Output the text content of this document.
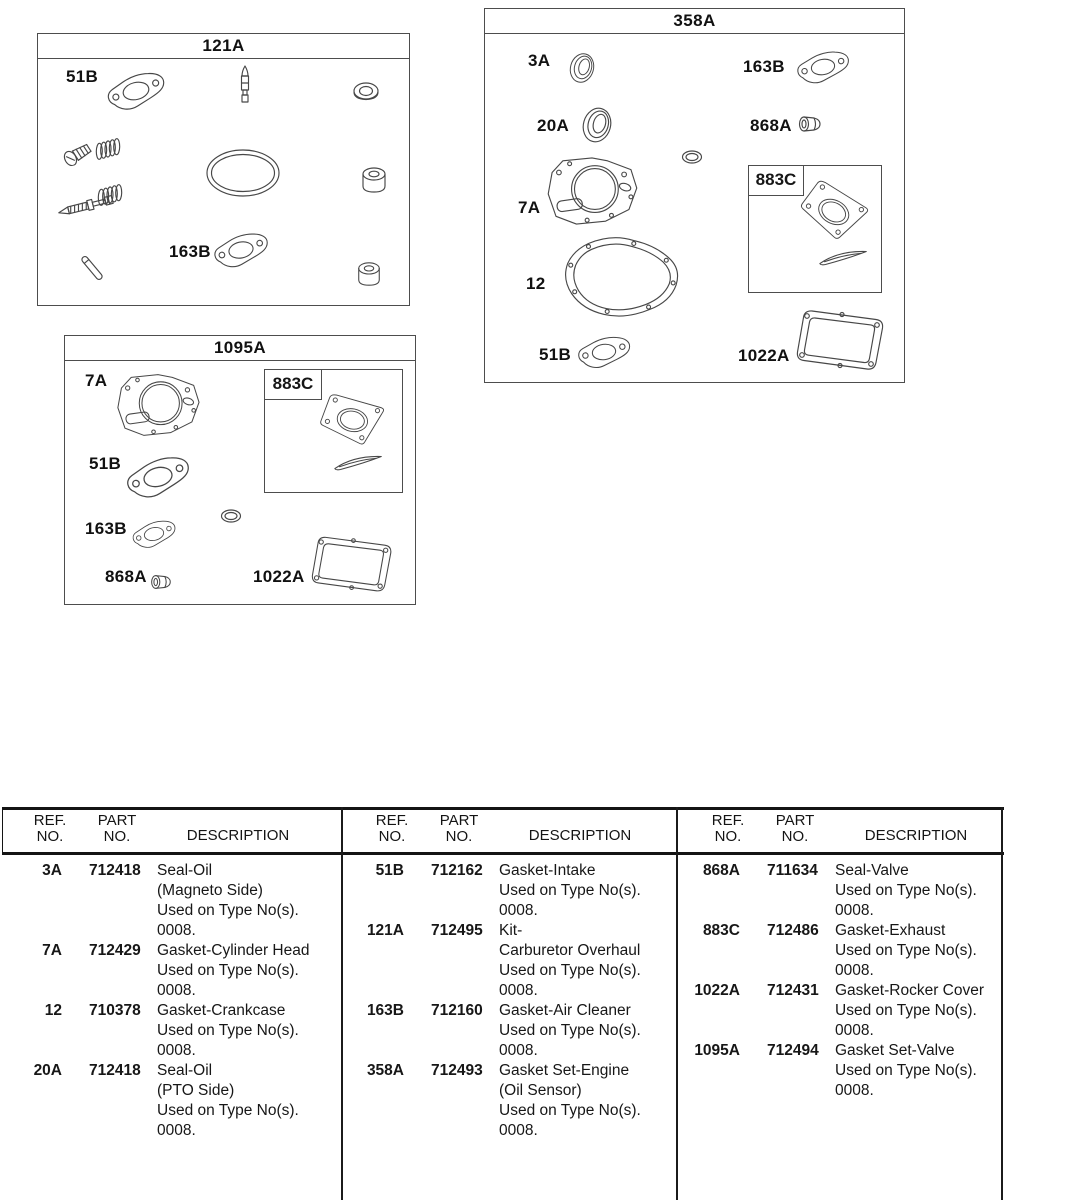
121A
51B
163B
358A
883C
3A	163B
20A	868A
7A
12
51B	1022A
1095A
883C
7A
51B
163B
868A	1022A
REF.
NO.
PART
NO.	DESCRIPTION
REF.
NO.
PART
NO.	DESCRIPTION
REF.
NO.
PART
NO.	DESCRIPTION
3A	712418	Seal-Oil
(Magneto Side)
Used on Type No(s).
0008.
7A	712429	Gasket-Cylinder Head
Used on Type No(s).
0008.
12	710378	Gasket-Crankcase
Used on Type No(s).
0008.
20A	712418	Seal-Oil
(PTO Side)
Used on Type No(s).
0008.
51B	712162	Gasket-Intake
Used on Type No(s).
0008.
121A	712495	Kit-
Carburetor Overhaul
Used on Type No(s).
0008.
163B	712160	Gasket-Air Cleaner
Used on Type No(s).
0008.
358A	712493	Gasket Set-Engine
(Oil Sensor)
Used on Type No(s).
0008.
868A	711634	Seal-Valve
Used on Type No(s).
0008.
883C	712486	Gasket-Exhaust
Used on Type No(s).
0008.
1022A	712431	Gasket-Rocker Cover
Used on Type No(s).
0008.
1095A	712494	Gasket Set-Valve
Used on Type No(s).
0008.
